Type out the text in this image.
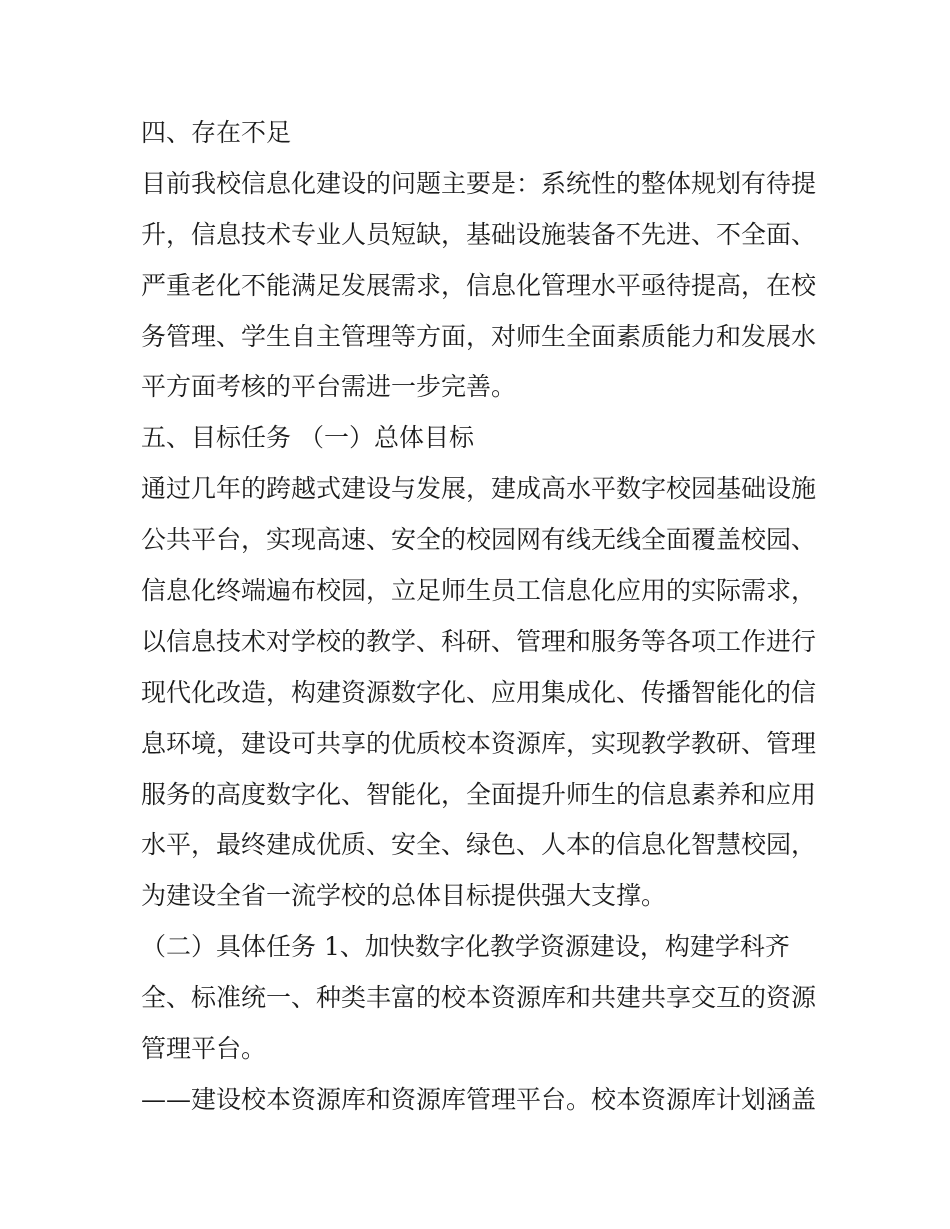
四、存在不足
目前我校信息化建设的问题主要是：系统性的整体规划有待提
升，信息技术专业人员短缺，基础设施装备不先进、不全面、
严重老化不能满足发展需求，信息化管理水平亟待提高，在校
务管理、学生自主管理等方面，对师生全面素质能力和发展水
平方面考核的平台需进一步完善。
五、目标任务 （一）总体目标
通过几年的跨越式建设与发展，建成高水平数字校园基础设施
公共平台，实现高速、安全的校园网有线无线全面覆盖校园、
信息化终端遍布校园，立足师生员工信息化应用的实际需求，
以信息技术对学校的教学、科研、管理和服务等各项工作进行
现代化改造，构建资源数字化、应用集成化、传播智能化的信
息环境，建设可共享的优质校本资源库，实现教学教研、管理
服务的高度数字化、智能化，全面提升师生的信息素养和应用
水平，最终建成优质、安全、绿色、人本的信息化智慧校园，
为建设全省一流学校的总体目标提供强大支撑。
（二）具体任务 1、加快数字化教学资源建设，构建学科齐
全、标准统一、种类丰富的校本资源库和共建共享交互的资源
管理平台。
——建设校本资源库和资源库管理平台。校本资源库计划涵盖
